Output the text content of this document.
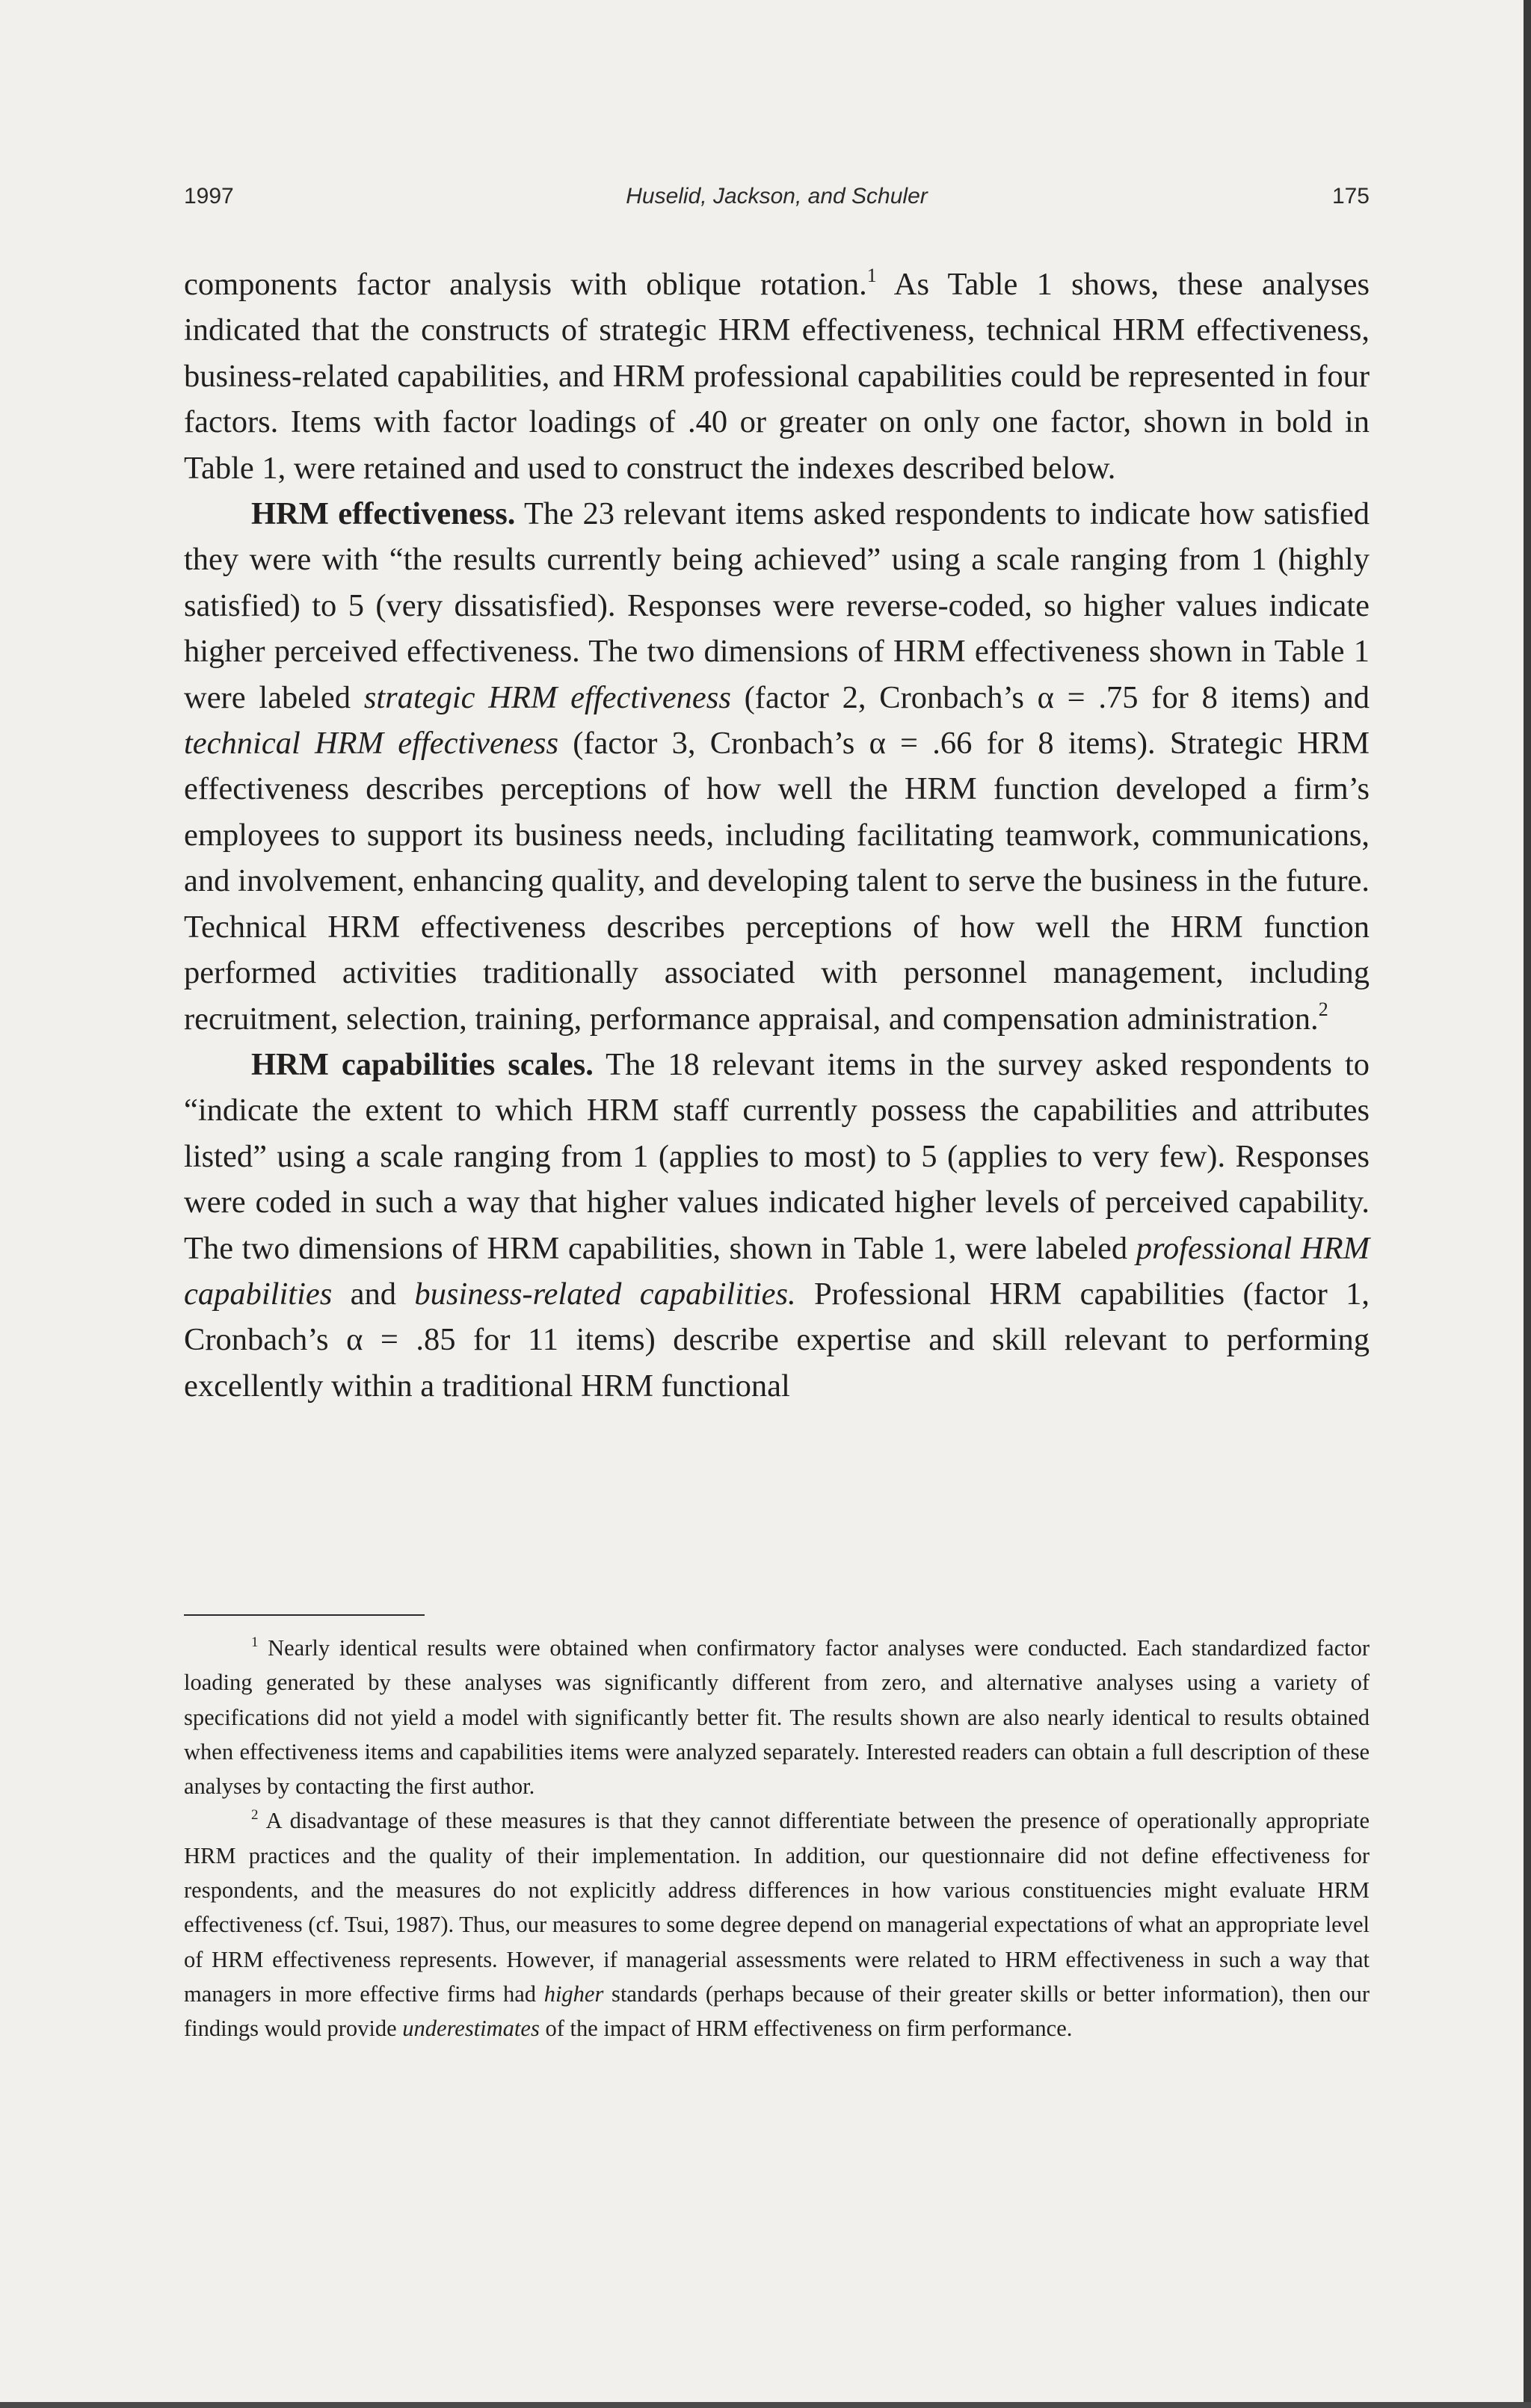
1997	Huselid, Jackson, and Schuler	175

components factor analysis with oblique rotation.$^1$ As Table 1 shows, these analyses indicated that the constructs of strategic HRM effectiveness, technical HRM effectiveness, business-related capabilities, and HRM professional capabilities could be represented in four factors. Items with factor loadings of .40 or greater on only one factor, shown in bold in Table 1, were retained and used to construct the indexes described below.

HRM effectiveness. The 23 relevant items asked respondents to indicate how satisfied they were with “the results currently being achieved” using a scale ranging from 1 (highly satisfied) to 5 (very dissatisfied). Responses were reverse-coded, so higher values indicate higher perceived effectiveness. The two dimensions of HRM effectiveness shown in Table 1 were labeled strategic HRM effectiveness (factor 2, Cronbach’s α = .75 for 8 items) and technical HRM effectiveness (factor 3, Cronbach’s α = .66 for 8 items). Strategic HRM effectiveness describes perceptions of how well the HRM function developed a firm’s employees to support its business needs, including facilitating teamwork, communications, and involvement, enhancing quality, and developing talent to serve the business in the future. Technical HRM effectiveness describes perceptions of how well the HRM function performed activities traditionally associated with personnel management, including recruitment, selection, training, performance appraisal, and compensation administration.$^2$

HRM capabilities scales. The 18 relevant items in the survey asked respondents to “indicate the extent to which HRM staff currently possess the capabilities and attributes listed” using a scale ranging from 1 (applies to most) to 5 (applies to very few). Responses were coded in such a way that higher values indicated higher levels of perceived capability. The two dimensions of HRM capabilities, shown in Table 1, were labeled professional HRM capabilities and business-related capabilities. Professional HRM capabilities (factor 1, Cronbach’s α = .85 for 11 items) describe expertise and skill relevant to performing excellently within a traditional HRM functional

$^1$ Nearly identical results were obtained when confirmatory factor analyses were conducted. Each standardized factor loading generated by these analyses was significantly different from zero, and alternative analyses using a variety of specifications did not yield a model with significantly better fit. The results shown are also nearly identical to results obtained when effectiveness items and capabilities items were analyzed separately. Interested readers can obtain a full description of these analyses by contacting the first author.

$^2$ A disadvantage of these measures is that they cannot differentiate between the presence of operationally appropriate HRM practices and the quality of their implementation. In addition, our questionnaire did not define effectiveness for respondents, and the measures do not explicitly address differences in how various constituencies might evaluate HRM effectiveness (cf. Tsui, 1987). Thus, our measures to some degree depend on managerial expectations of what an appropriate level of HRM effectiveness represents. However, if managerial assessments were related to HRM effectiveness in such a way that managers in more effective firms had higher standards (perhaps because of their greater skills or better information), then our findings would provide underestimates of the impact of HRM effectiveness on firm performance.
